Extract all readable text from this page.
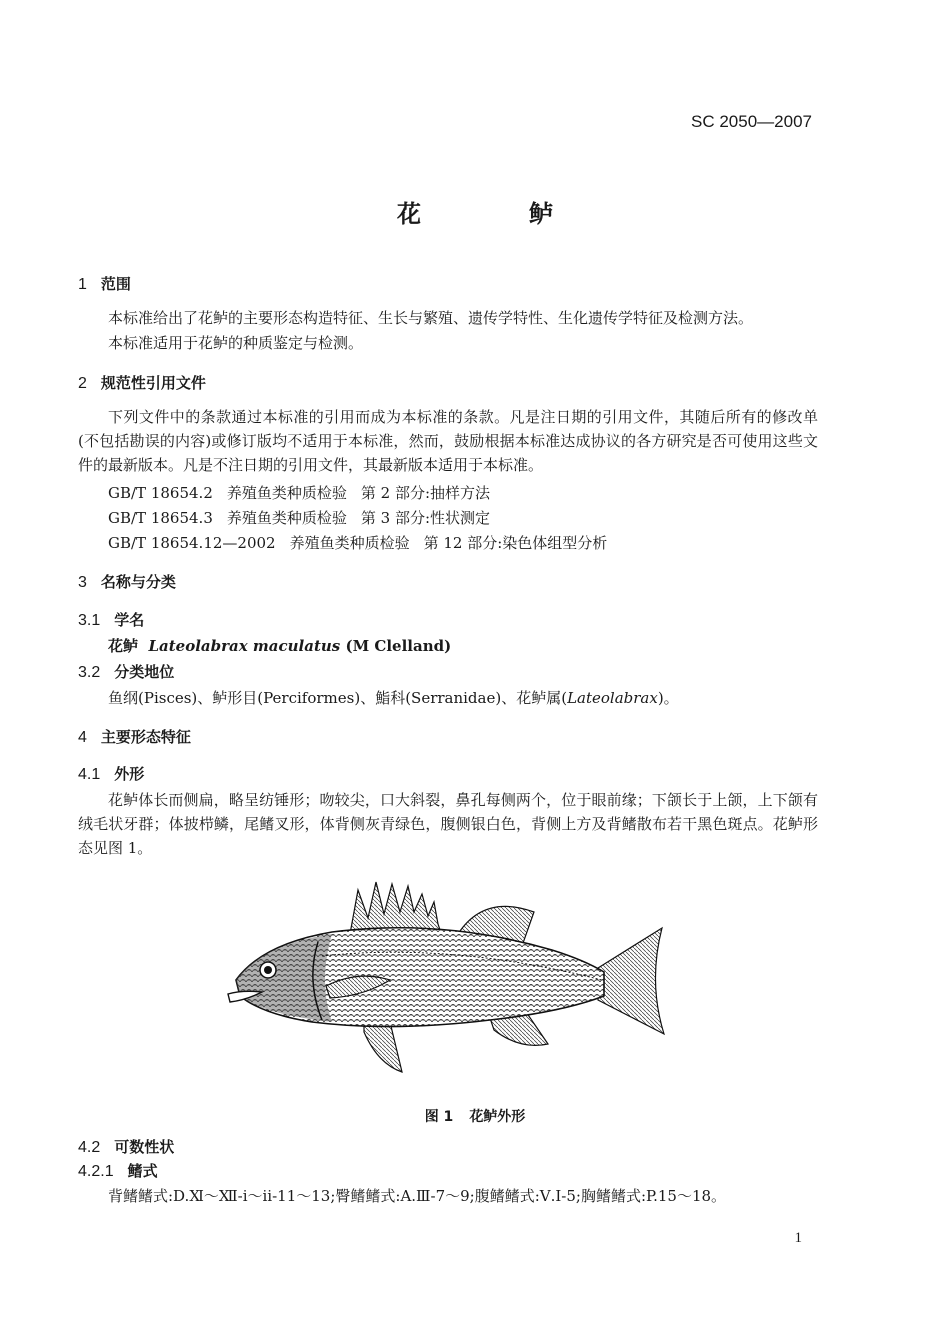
SC 2050—2007
花　鲈
1 范围
本标准给出了花鲈的主要形态构造特征、生长与繁殖、遗传学特性、生化遗传学特征及检测方法。
本标准适用于花鲈的种质鉴定与检测。
2 规范性引用文件
下列文件中的条款通过本标准的引用而成为本标准的条款。凡是注日期的引用文件，其随后所有的修改单(不包括勘误的内容)或修订版均不适用于本标准，然而，鼓励根据本标准达成协议的各方研究是否可使用这些文件的最新版本。凡是不注日期的引用文件，其最新版本适用于本标准。
GB/T 18654.2 养殖鱼类种质检验 第 2 部分:抽样方法
GB/T 18654.3 养殖鱼类种质检验 第 3 部分:性状测定
GB/T 18654.12—2002 养殖鱼类种质检验 第 12 部分:染色体组型分析
3 名称与分类
3.1 学名
花鲈 Lateolabrax maculatus (M Clelland)
3.2 分类地位
鱼纲(Pisces)、鲈形目(Perciformes)、鮨科(Serranidae)、花鲈属(Lateolabrax)。
4 主要形态特征
4.1 外形
花鲈体长而侧扁，略呈纺锤形；吻较尖，口大斜裂，鼻孔每侧两个，位于眼前缘；下颌长于上颌，上下颌有绒毛状牙群；体披栉鳞，尾鳍叉形，体背侧灰青绿色，腹侧银白色，背侧上方及背鳍散布若干黑色斑点。花鲈形态见图 1。
图 1 花鲈外形
4.2 可数性状
4.2.1 鳍式
背鳍鳍式:D.Ⅺ～Ⅻ-ⅰ～ⅱ-11～13;臀鳍鳍式:A.Ⅲ-7～9;腹鳍鳍式:Ⅴ.Ⅰ-5;胸鳍鳍式:P.15～18。
1
